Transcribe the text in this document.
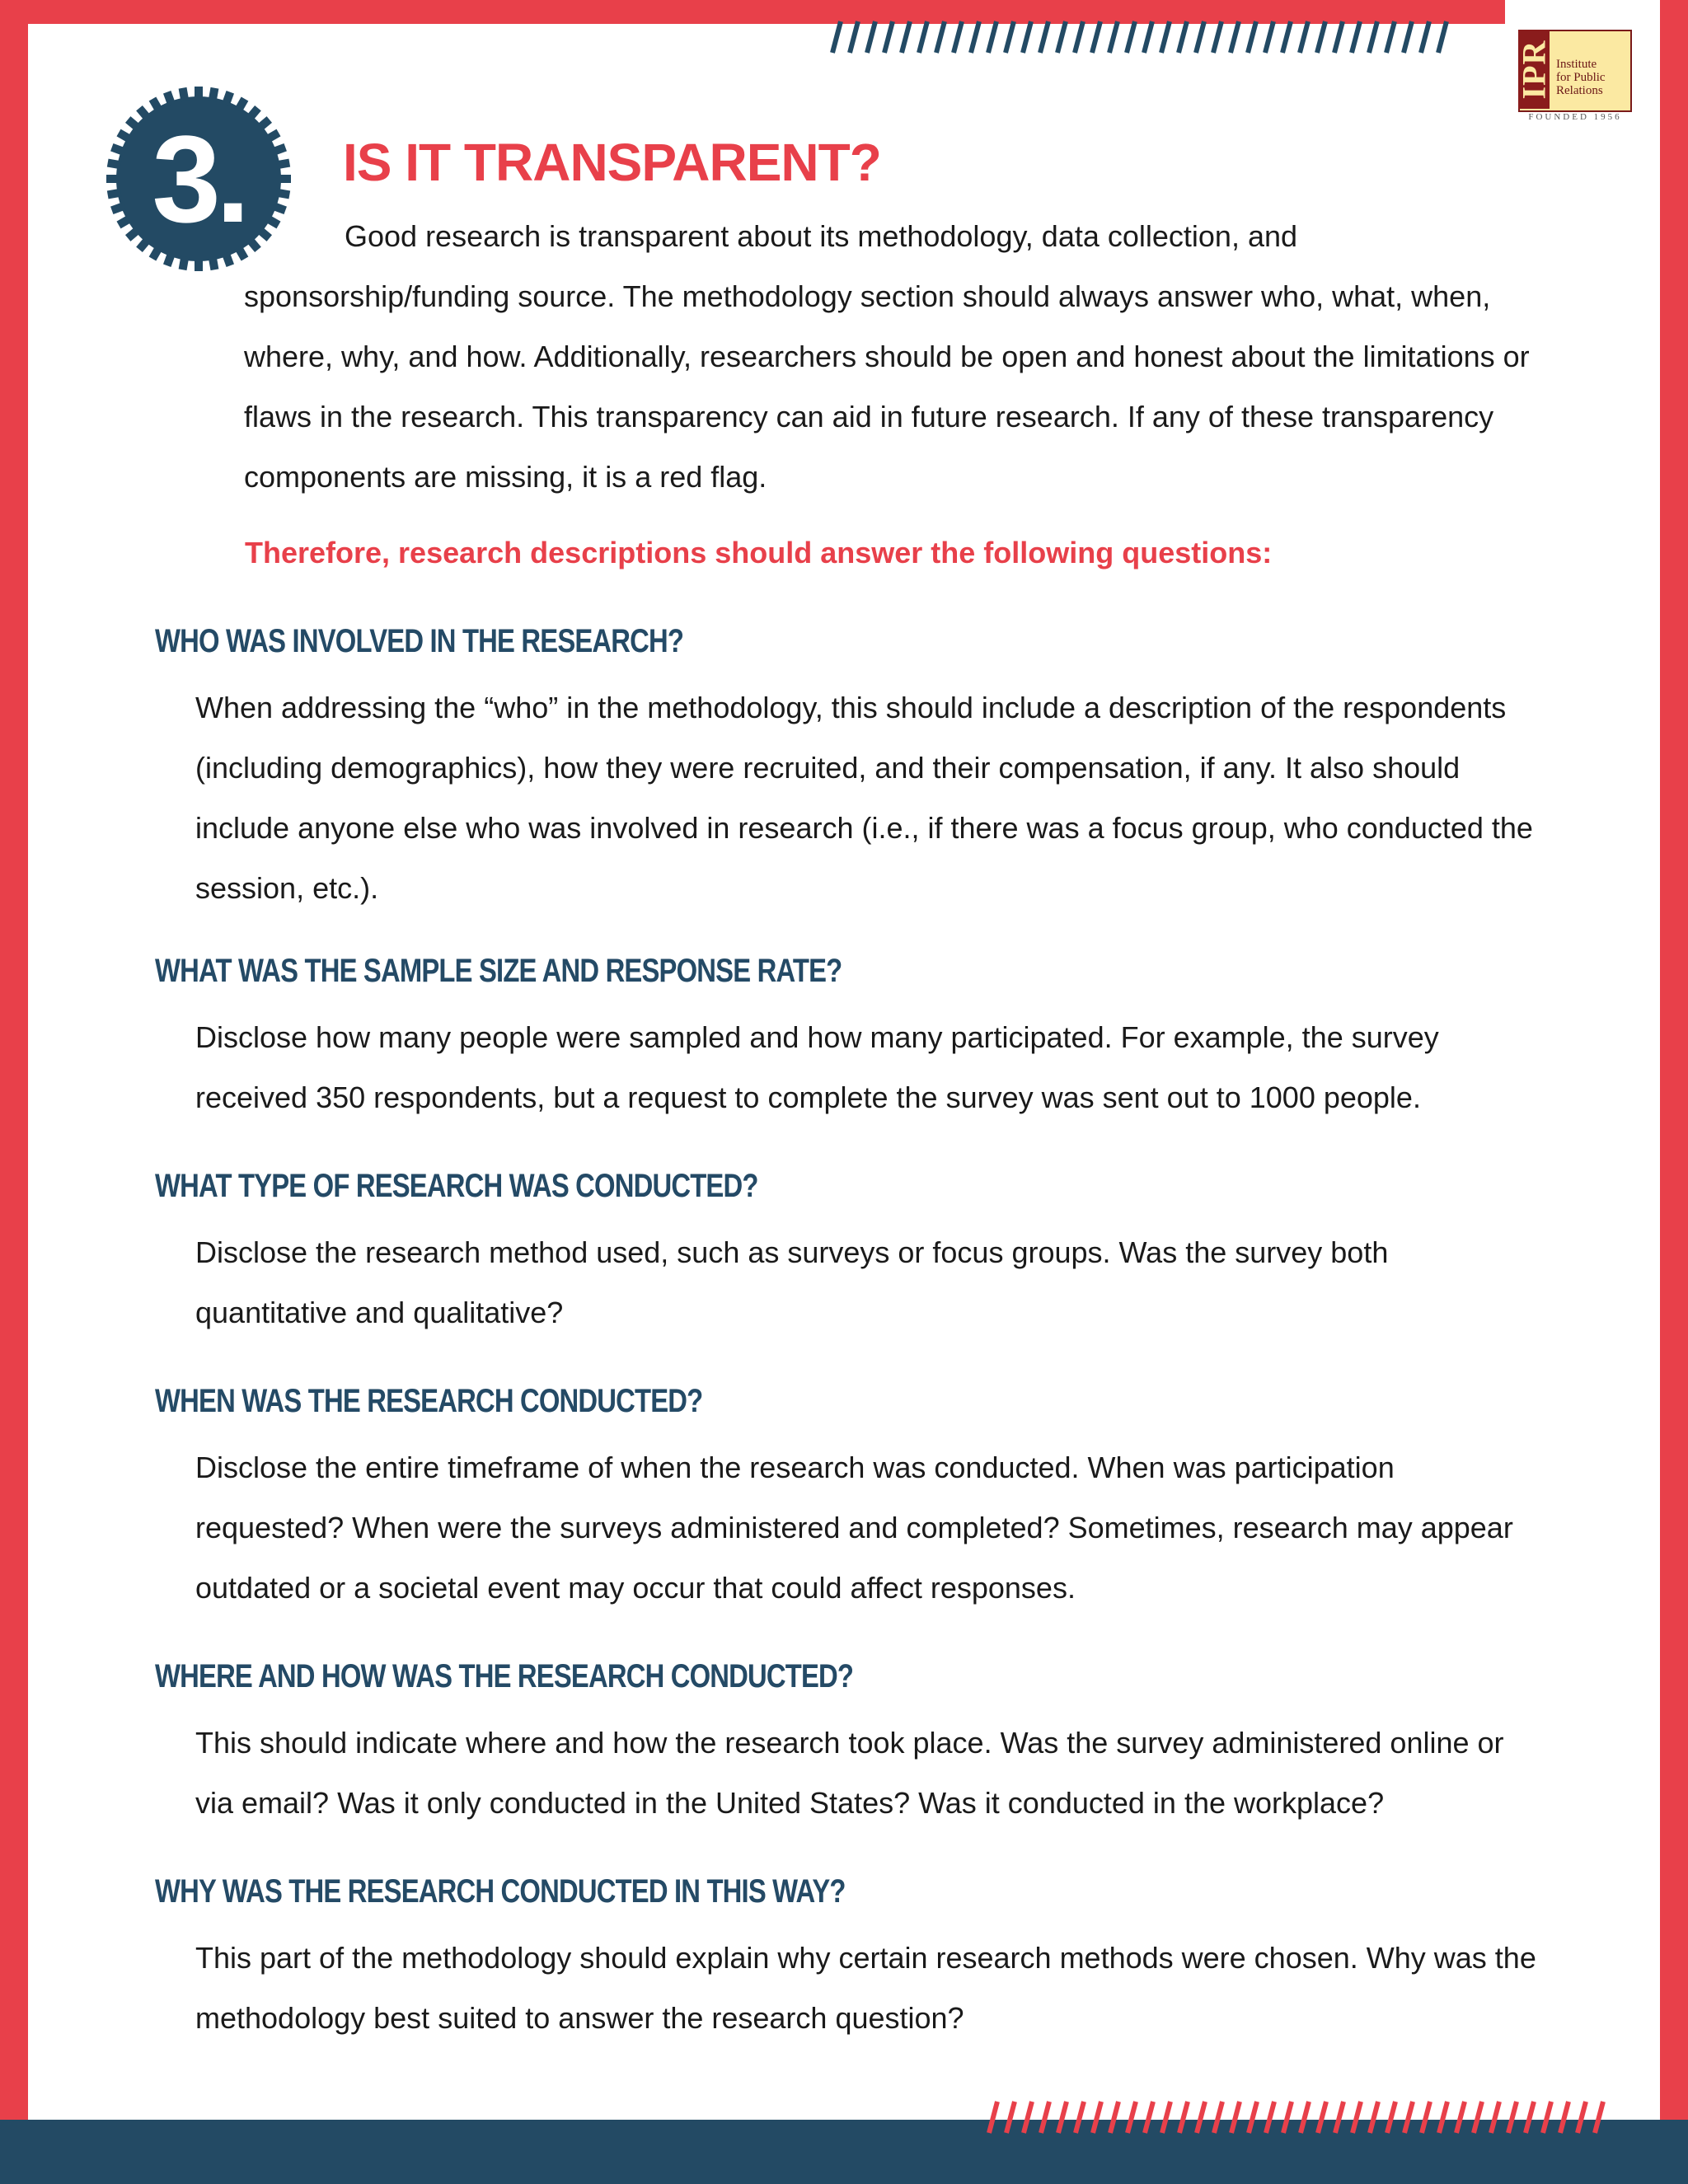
IPR Institute
for Public
Relations
FOUNDED 1956
3.	IS IT TRANSPARENT?

Good research is transparent about its methodology, data collection, and sponsorship/funding source. The methodology section should always answer who, what, when, where, why, and how. Additionally, researchers should be open and honest about the limitations or flaws in the research. This transparency can aid in future research. If any of these transparency components are missing, it is a red flag.

Therefore, research descriptions should answer the following questions:

WHO WAS INVOLVED IN THE RESEARCH?

When addressing the “who” in the methodology, this should include a description of the respondents (including demographics), how they were recruited, and their compensation, if any. It also should include anyone else who was involved in research (i.e., if there was a focus group, who conducted the session, etc.).

WHAT WAS THE SAMPLE SIZE AND RESPONSE RATE?

Disclose how many people were sampled and how many participated. For example, the survey received 350 respondents, but a request to complete the survey was sent out to 1000 people.

WHAT TYPE OF RESEARCH WAS CONDUCTED?

Disclose the research method used, such as surveys or focus groups. Was the survey both quantitative and qualitative?

WHEN WAS THE RESEARCH CONDUCTED?

Disclose the entire timeframe of when the research was conducted. When was participation requested? When were the surveys administered and completed? Sometimes, research may appear outdated or a societal event may occur that could affect responses.

WHERE AND HOW WAS THE RESEARCH CONDUCTED?

This should indicate where and how the research took place. Was the survey administered online or via email? Was it only conducted in the United States? Was it conducted in the workplace?

WHY WAS THE RESEARCH CONDUCTED IN THIS WAY?

This part of the methodology should explain why certain research methods were chosen. Why was the methodology best suited to answer the research question?
